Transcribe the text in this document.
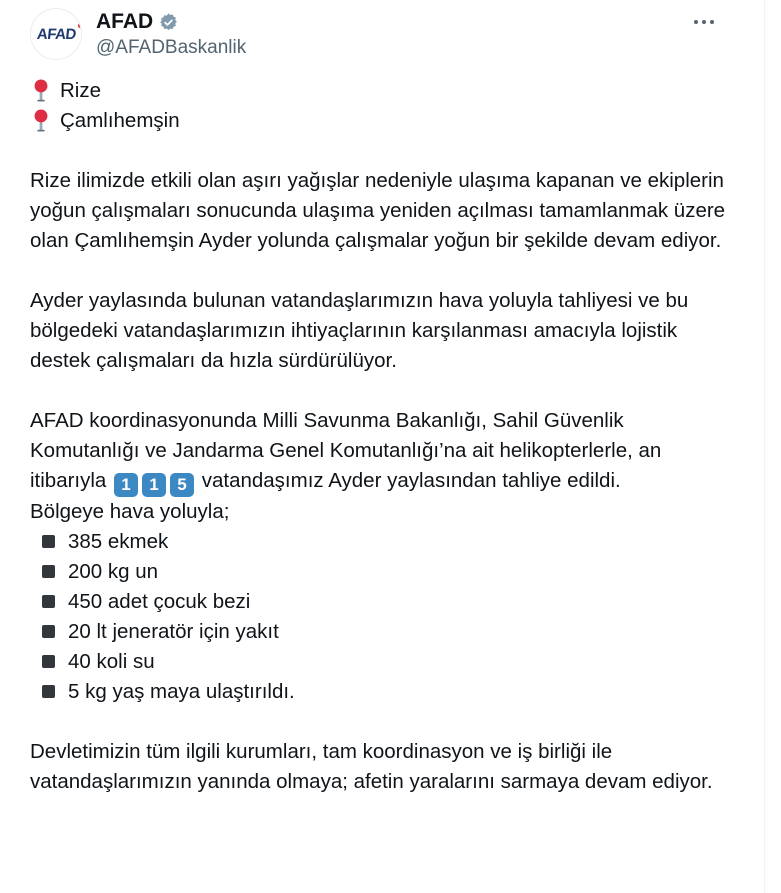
AFAD
AFAD
@AFADBaskanlik
Rize
Çamlıhemşin

Rize ilimizde etkili olan aşırı yağışlar nedeniyle ulaşıma kapanan ve ekiplerin yoğun çalışmaları sonucunda ulaşıma yeniden açılması tamamlanmak üzere olan Çamlıhemşin Ayder yolunda çalışmalar yoğun bir şekilde devam ediyor.

Ayder yaylasında bulunan vatandaşlarımızın hava yoluyla tahliyesi ve bu bölgedeki vatandaşlarımızın ihtiyaçlarının karşılanması amacıyla lojistik destek çalışmaları da hızla sürdürülüyor.

AFAD koordinasyonunda Milli Savunma Bakanlığı, Sahil Güvenlik Komutanlığı ve Jandarma Genel Komutanlığı’na ait helikopterlerle, an itibarıyla 1 1 5 vatandaşımız Ayder yaylasından tahliye edildi.

Bölgeye hava yoluyla;
385 ekmek
200 kg un
450 adet çocuk bezi
20 lt jeneratör için yakıt
40 koli su
5 kg yaş maya ulaştırıldı.

Devletimizin tüm ilgili kurumları, tam koordinasyon ve iş birliği ile vatandaşlarımızın yanında olmaya; afetin yaralarını sarmaya devam ediyor.
